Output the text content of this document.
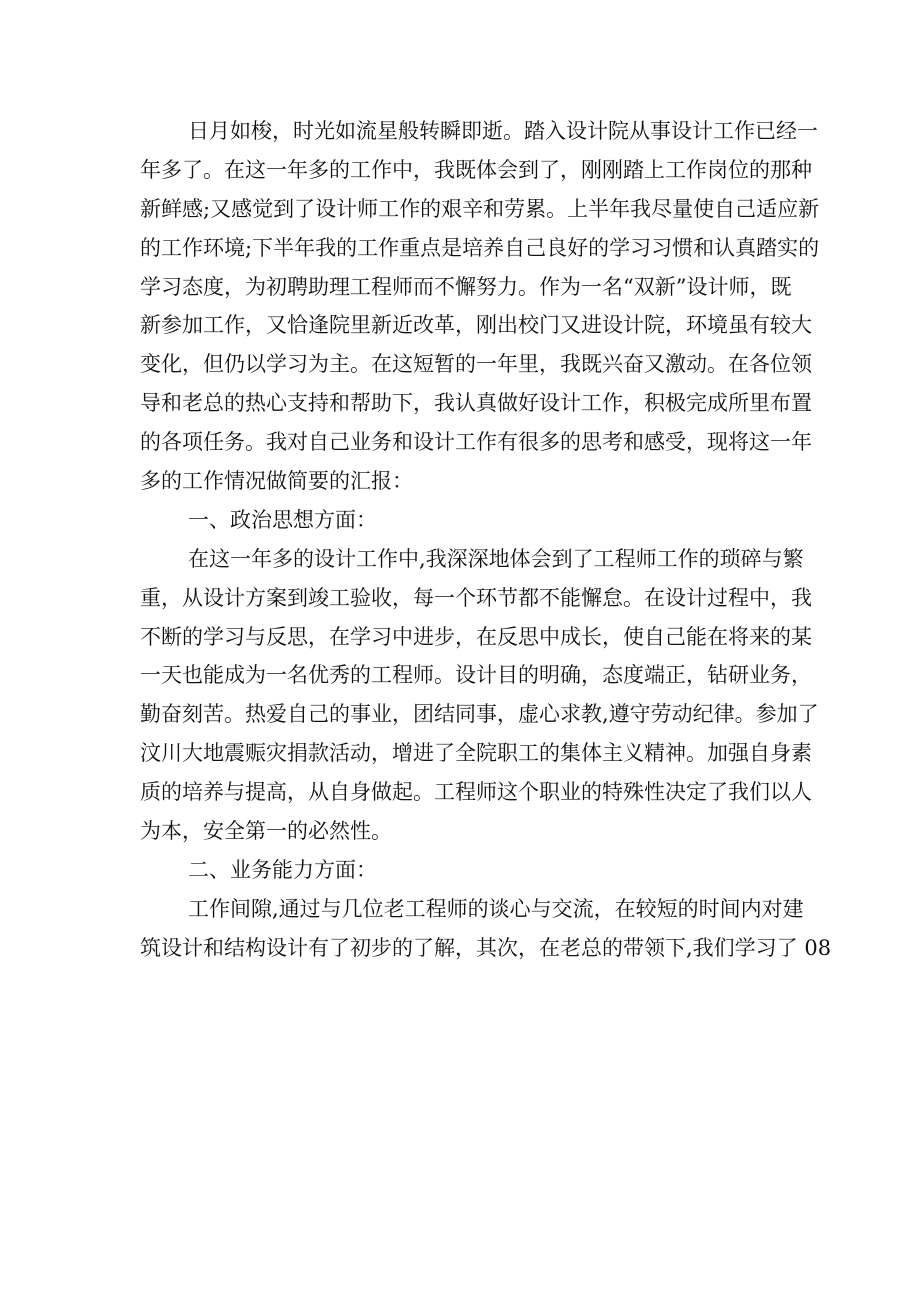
日月如梭，时光如流星般转瞬即逝。踏入设计院从事设计工作已经一
年多了。在这一年多的工作中，我既体会到了，刚刚踏上工作岗位的那种
新鲜感;又感觉到了设计师工作的艰辛和劳累。上半年我尽量使自己适应新
的工作环境;下半年我的工作重点是培养自己良好的学习习惯和认真踏实的
学习态度，为初聘助理工程师而不懈努力。作为一名“双新”设计师，既
新参加工作，又恰逢院里新近改革，刚出校门又进设计院，环境虽有较大
变化，但仍以学习为主。在这短暂的一年里，我既兴奋又激动。在各位领
导和老总的热心支持和帮助下，我认真做好设计工作，积极完成所里布置
的各项任务。我对自己业务和设计工作有很多的思考和感受，现将这一年
多的工作情况做简要的汇报：
一、政治思想方面：
在这一年多的设计工作中,我深深地体会到了工程师工作的琐碎与繁
重，从设计方案到竣工验收，每一个环节都不能懈怠。在设计过程中，我
不断的学习与反思，在学习中进步，在反思中成长，使自己能在将来的某
一天也能成为一名优秀的工程师。设计目的明确，态度端正，钻研业务，
勤奋刻苦。热爱自己的事业，团结同事，虚心求教,遵守劳动纪律。参加了
汶川大地震赈灾捐款活动，增进了全院职工的集体主义精神。加强自身素
质的培养与提高，从自身做起。工程师这个职业的特殊性决定了我们以人
为本，安全第一的必然性。
二、业务能力方面：
工作间隙,通过与几位老工程师的谈心与交流，在较短的时间内对建
筑设计和结构设计有了初步的了解，其次，在老总的带领下,我们学习了 08
